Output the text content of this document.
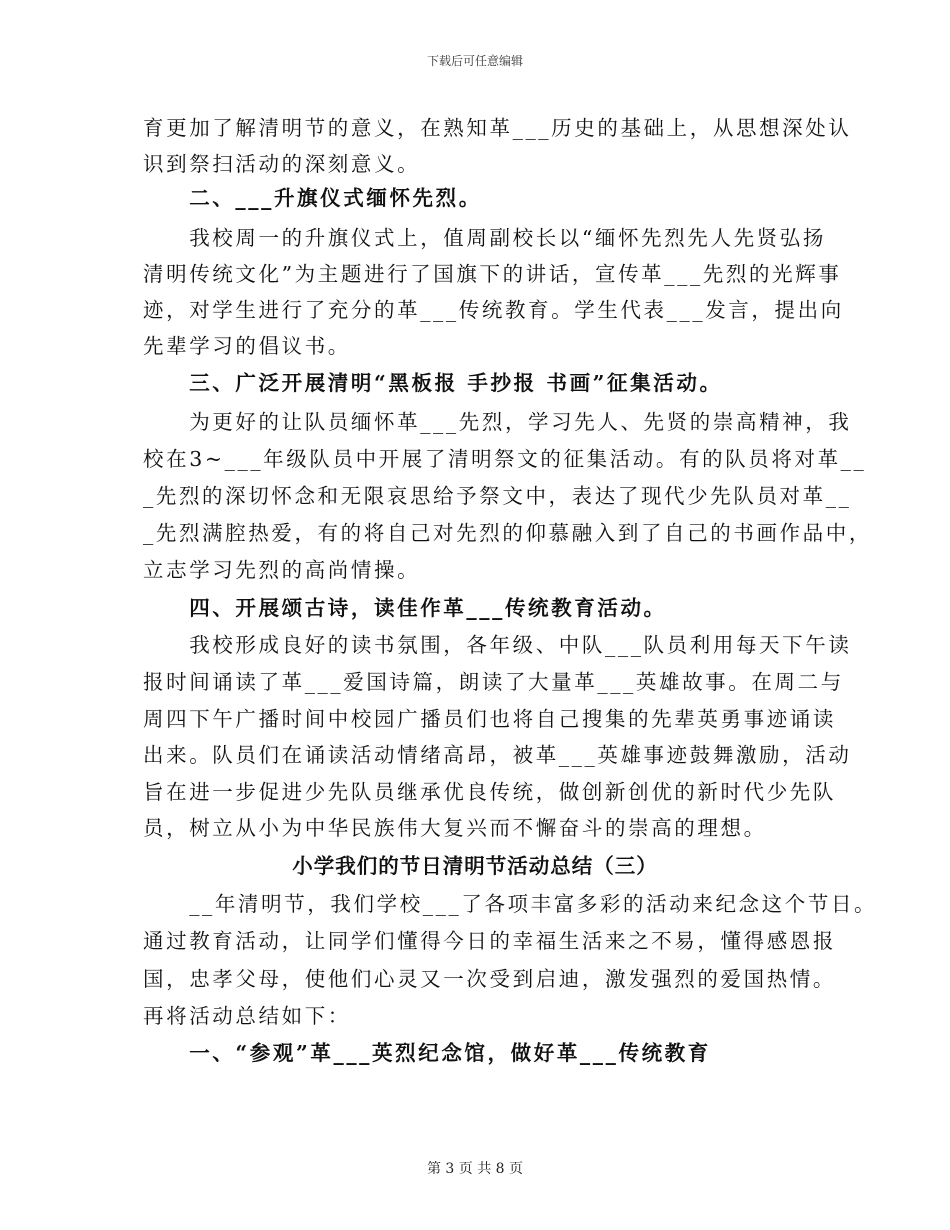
下载后可任意编辑
育更加了解清明节的意义，在熟知革___历史的基础上，从思想深处认
识到祭扫活动的深刻意义。
　　二、___升旗仪式缅怀先烈。
　　我校周一的升旗仪式上，值周副校长以“缅怀先烈先人先贤弘扬
清明传统文化”为主题进行了国旗下的讲话，宣传革___先烈的光辉事
迹，对学生进行了充分的革___传统教育。学生代表___发言，提出向
先辈学习的倡议书。
　　三、广泛开展清明“黑板报 手抄报 书画”征集活动。
　　为更好的让队员缅怀革___先烈，学习先人、先贤的崇高精神，我
校在3~___年级队员中开展了清明祭文的征集活动。有的队员将对革__
_先烈的深切怀念和无限哀思给予祭文中，表达了现代少先队员对革__
_先烈满腔热爱，有的将自己对先烈的仰慕融入到了自己的书画作品中，
立志学习先烈的高尚情操。
　　四、开展颂古诗，读佳作革___传统教育活动。
　　我校形成良好的读书氛围，各年级、中队___队员利用每天下午读
报时间诵读了革___爱国诗篇，朗读了大量革___英雄故事。在周二与
周四下午广播时间中校园广播员们也将自己搜集的先辈英勇事迹诵读
出来。队员们在诵读活动情绪高昂，被革___英雄事迹鼓舞激励，活动
旨在进一步促进少先队员继承优良传统，做创新创优的新时代少先队
员，树立从小为中华民族伟大复兴而不懈奋斗的崇高的理想。
小学我们的节日清明节活动总结（三）
　　__年清明节，我们学校___了各项丰富多彩的活动来纪念这个节日。
通过教育活动，让同学们懂得今日的幸福生活来之不易，懂得感恩报
国，忠孝父母，使他们心灵又一次受到启迪，激发强烈的爱国热情。
再将活动总结如下：
　　一、“参观”革___英烈纪念馆，做好革___传统教育
第 3 页 共 8 页
